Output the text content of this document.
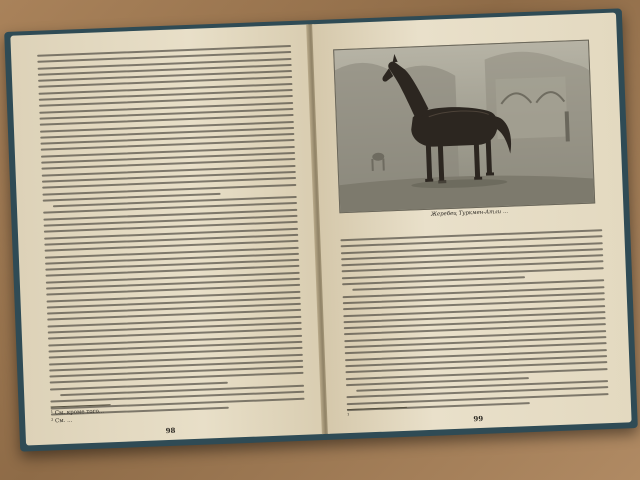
¹ См. кроме того...
² См. ...
98
Жеребец Туркмен-Атли ...
¹	99
